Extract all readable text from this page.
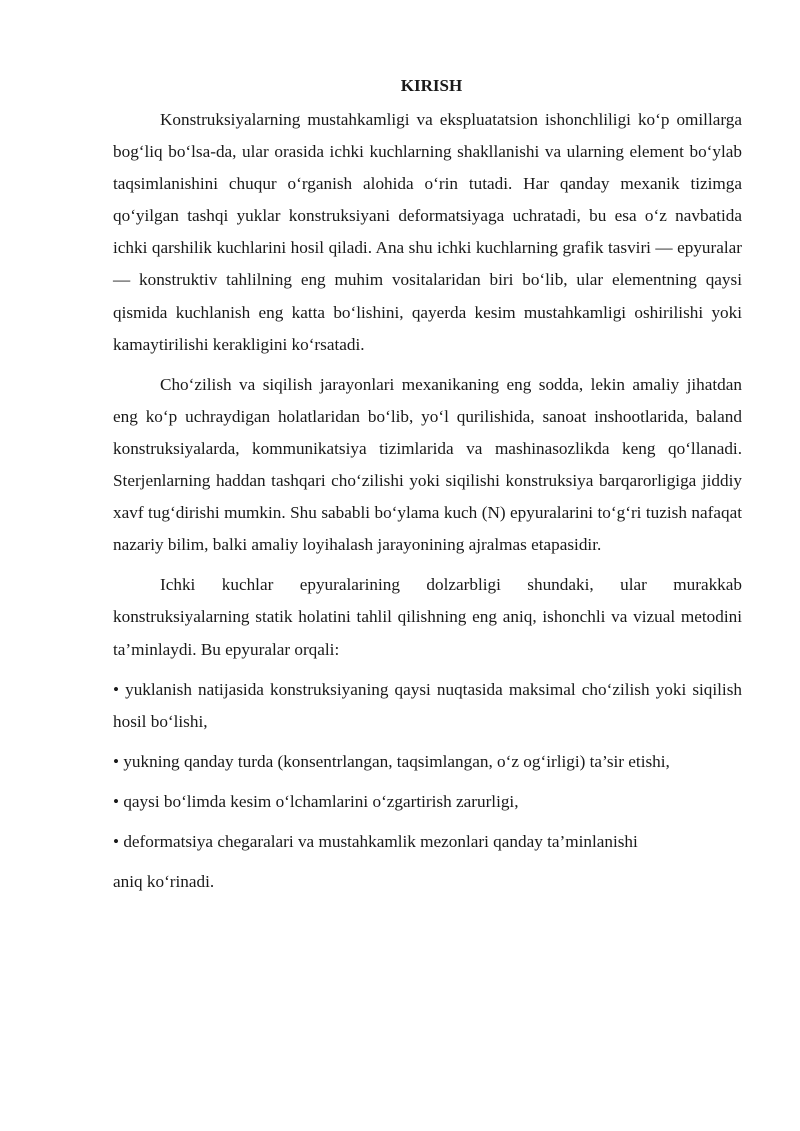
KIRISH

Konstruksiyalarning mustahkamligi va ekspluatatsion ishonchliligi ko‘p omillarga bog‘liq bo‘lsa-da, ular orasida ichki kuchlarning shakllanishi va ularning element bo‘ylab taqsimlanishini chuqur o‘rganish alohida o‘rin tutadi. Har qanday mexanik tizimga qo‘yilgan tashqi yuklar konstruksiyani deformatsiyaga uchratadi, bu esa o‘z navbatida ichki qarshilik kuchlarini hosil qiladi. Ana shu ichki kuchlarning grafik tasviri — epyuralar — konstruktiv tahlilning eng muhim vositalaridan biri bo‘lib, ular elementning qaysi qismida kuchlanish eng katta bo‘lishini, qayerda kesim mustahkamligi oshirilishi yoki kamaytirilishi kerakligini ko‘rsatadi.

Cho‘zilish va siqilish jarayonlari mexanikaning eng sodda, lekin amaliy jihatdan eng ko‘p uchraydigan holatlaridan bo‘lib, yo‘l qurilishida, sanoat inshootlarida, baland konstruksiyalarda, kommunikatsiya tizimlarida va mashinasozlikda keng qo‘llanadi. Sterjenlarning haddan tashqari cho‘zilishi yoki siqilishi konstruksiya barqarorligiga jiddiy xavf tug‘dirishi mumkin. Shu sababli bo‘ylama kuch (N) epyuralarini to‘g‘ri tuzish nafaqat nazariy bilim, balki amaliy loyihalash jarayonining ajralmas etapasidir.

Ichki kuchlar epyuralarining dolzarbligi shundaki, ular murakkab konstruksiyalarning statik holatini tahlil qilishning eng aniq, ishonchli va vizual metodini ta’minlaydi. Bu epyuralar orqali:

• yuklanish natijasida konstruksiyaning qaysi nuqtasida maksimal cho‘zilish yoki siqilish hosil bo‘lishi,

• yukning qanday turda (konsentrlangan, taqsimlangan, o‘z og‘irligi) ta’sir etishi,

• qaysi bo‘limda kesim o‘lchamlarini o‘zgartirish zarurligi,

• deformatsiya chegaralari va mustahkamlik mezonlari qanday ta’minlanishi

aniq ko‘rinadi.
